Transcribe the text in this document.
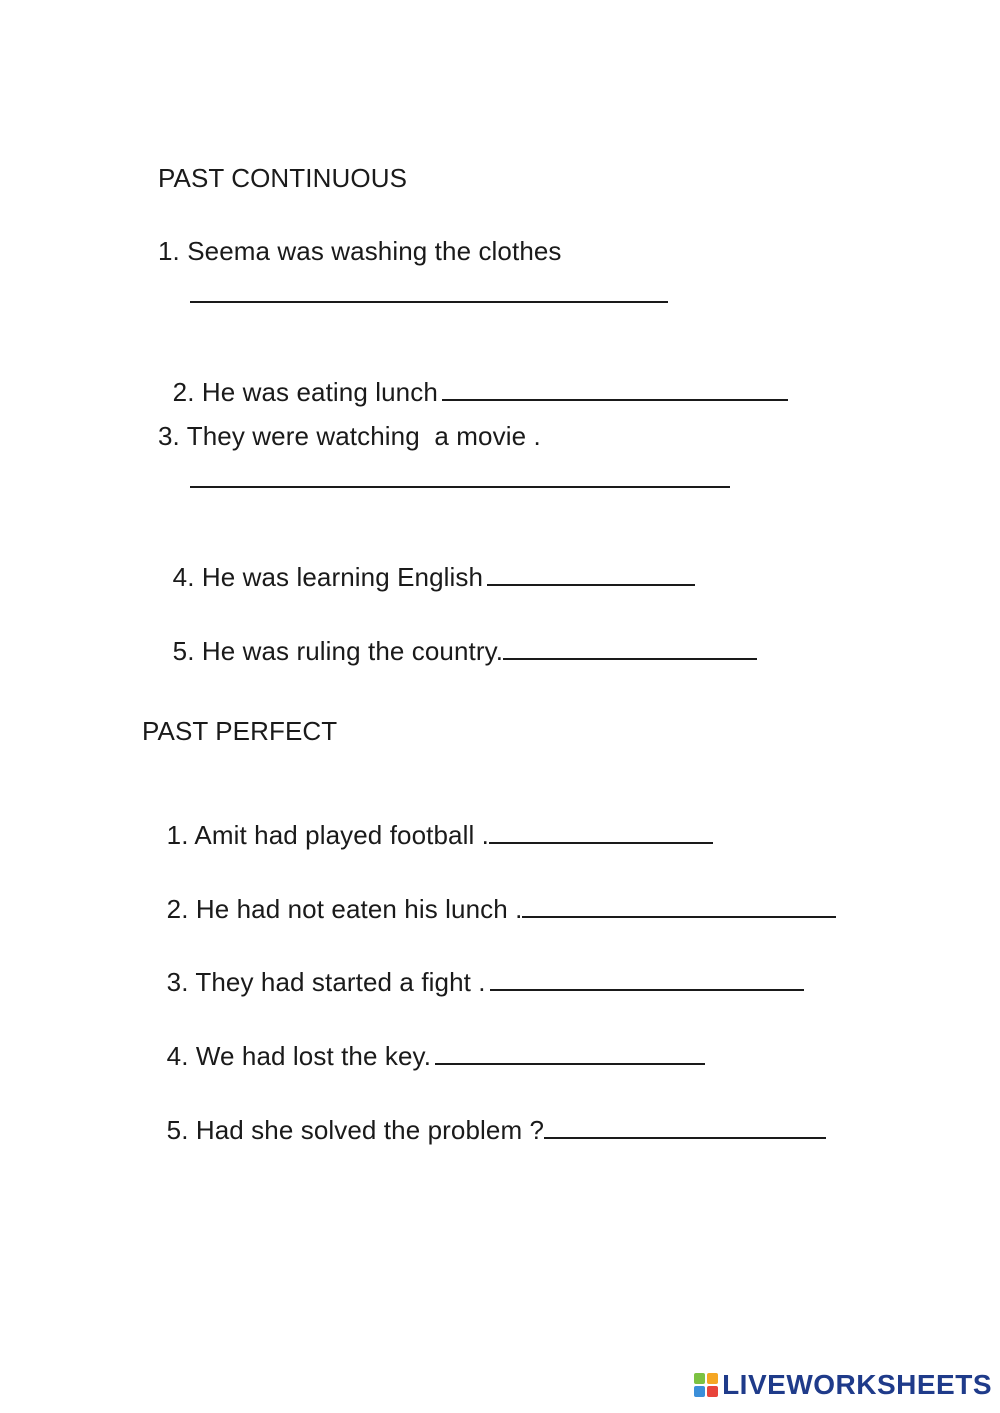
PAST CONTINUOUS
1. Seema was washing the clothes

2. He was eating lunch

3. They were watching  a movie .

4. He was learning English

5. He was ruling the country.

PAST PERFECT

1. Amit had played football .

2. He had not eaten his lunch .

3. They had started a fight .

4. We had lost the key.

5. Had she solved the problem ?

LIVEWORKSHEETS
